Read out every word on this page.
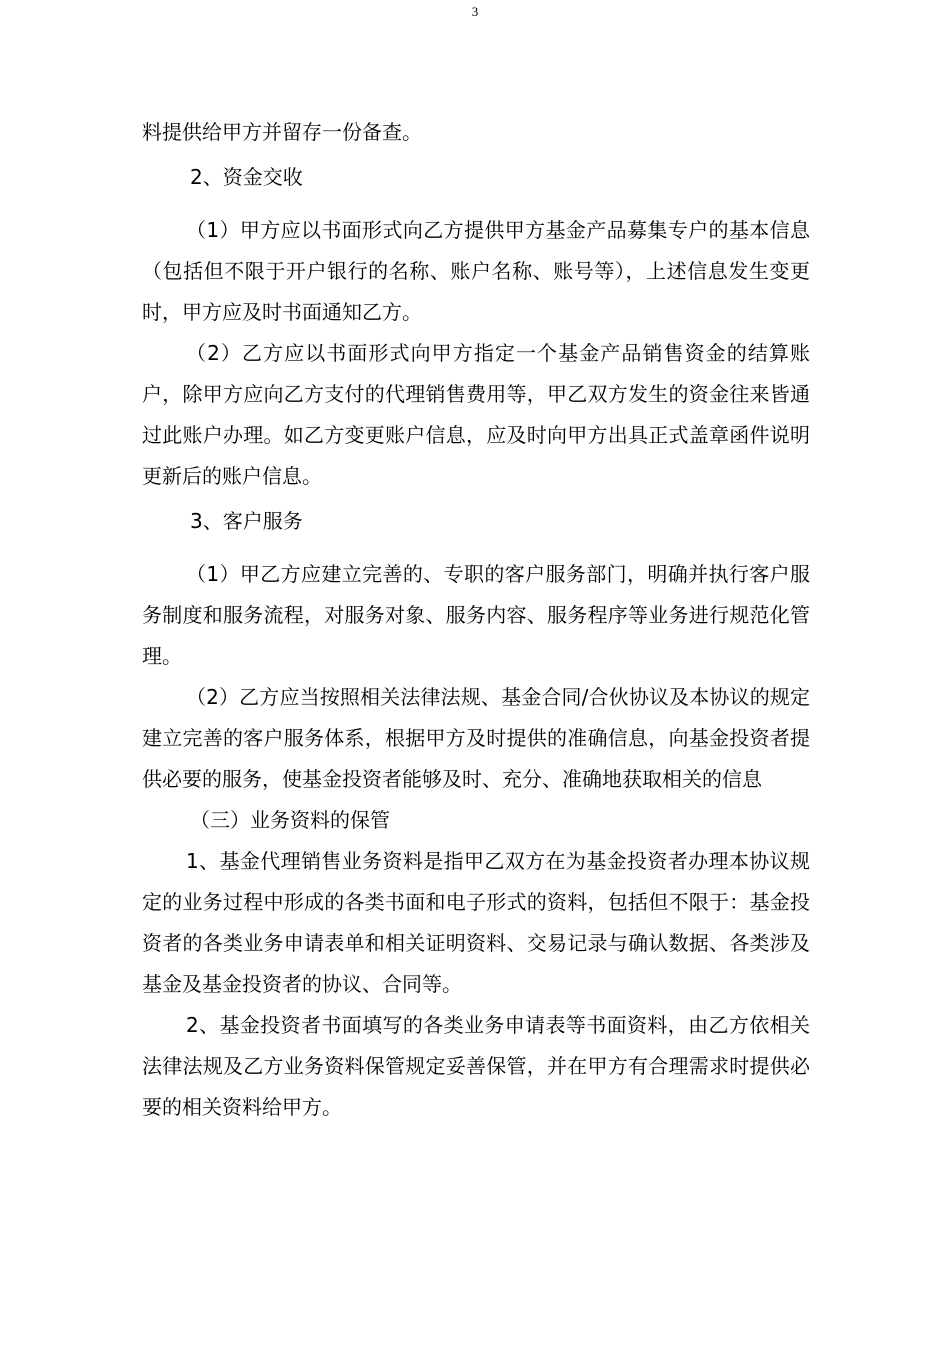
3

料提供给甲方并留存一份备查。

2、资金交收

（1）甲方应以书面形式向乙方提供甲方基金产品募集专户的基本信息（包括但不限于开户银行的名称、账户名称、账号等），上述信息发生变更时，甲方应及时书面通知乙方。

（2）乙方应以书面形式向甲方指定一个基金产品销售资金的结算账户，除甲方应向乙方支付的代理销售费用等，甲乙双方发生的资金往来皆通过此账户办理。如乙方变更账户信息，应及时向甲方出具正式盖章函件说明更新后的账户信息。

3、客户服务

（1）甲乙方应建立完善的、专职的客户服务部门，明确并执行客户服务制度和服务流程，对服务对象、服务内容、服务程序等业务进行规范化管理。

（2）乙方应当按照相关法律法规、基金合同/合伙协议及本协议的规定建立完善的客户服务体系，根据甲方及时提供的准确信息，向基金投资者提供必要的服务，使基金投资者能够及时、充分、准确地获取相关的信息

（三）业务资料的保管

1、基金代理销售业务资料是指甲乙双方在为基金投资者办理本协议规定的业务过程中形成的各类书面和电子形式的资料，包括但不限于：基金投资者的各类业务申请表单和相关证明资料、交易记录与确认数据、各类涉及基金及基金投资者的协议、合同等。

2、基金投资者书面填写的各类业务申请表等书面资料，由乙方依相关法律法规及乙方业务资料保管规定妥善保管，并在甲方有合理需求时提供必要的相关资料给甲方。
